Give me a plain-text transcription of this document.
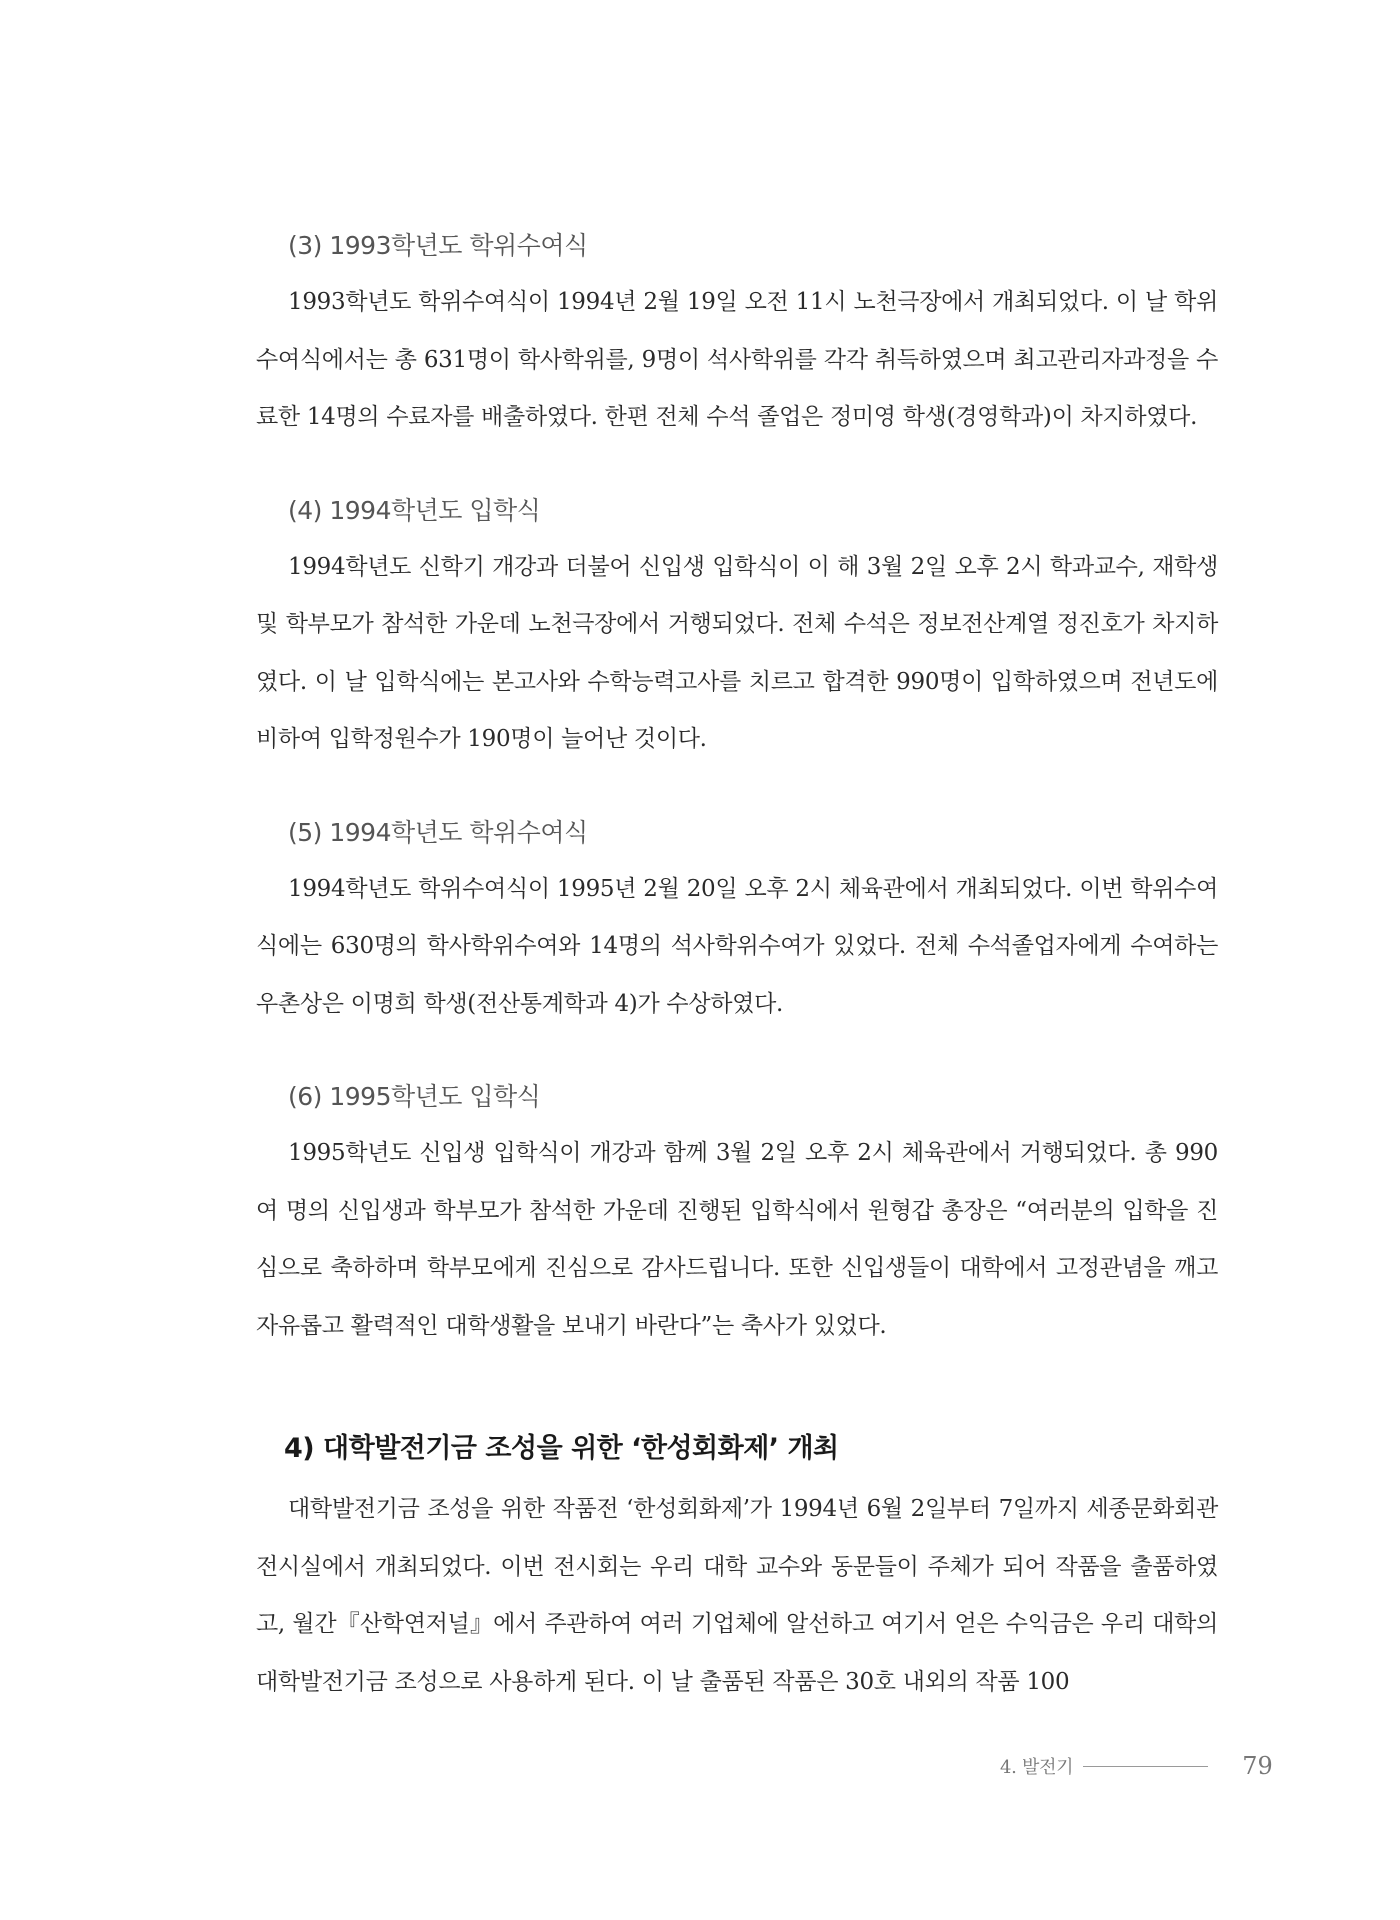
(3) 1993학년도 학위수여식

1993학년도 학위수여식이 1994년 2월 19일 오전 11시 노천극장에서 개최되었다. 이 날 학위수여식에서는 총 631명이 학사학위를, 9명이 석사학위를 각각 취득하였으며 최고관리자과정을 수료한 14명의 수료자를 배출하였다. 한편 전체 수석 졸업은 정미영 학생(경영학과)이 차지하였다.

(4) 1994학년도 입학식

1994학년도 신학기 개강과 더불어 신입생 입학식이 이 해 3월 2일 오후 2시 학과교수, 재학생 및 학부모가 참석한 가운데 노천극장에서 거행되었다. 전체 수석은 정보전산계열 정진호가 차지하였다. 이 날 입학식에는 본고사와 수학능력고사를 치르고 합격한 990명이 입학하였으며 전년도에 비하여 입학정원수가 190명이 늘어난 것이다.

(5) 1994학년도 학위수여식

1994학년도 학위수여식이 1995년 2월 20일 오후 2시 체육관에서 개최되었다. 이번 학위수여식에는 630명의 학사학위수여와 14명의 석사학위수여가 있었다. 전체 수석졸업자에게 수여하는 우촌상은 이명희 학생(전산통계학과 4)가 수상하였다.

(6) 1995학년도 입학식

1995학년도 신입생 입학식이 개강과 함께 3월 2일 오후 2시 체육관에서 거행되었다. 총 990여 명의 신입생과 학부모가 참석한 가운데 진행된 입학식에서 원형갑 총장은 “여러분의 입학을 진심으로 축하하며 학부모에게 진심으로 감사드립니다. 또한 신입생들이 대학에서 고정관념을 깨고 자유롭고 활력적인 대학생활을 보내기 바란다”는 축사가 있었다.

4) 대학발전기금 조성을 위한 ‘한성회화제’ 개최

대학발전기금 조성을 위한 작품전 ‘한성회화제’가 1994년 6월 2일부터 7일까지 세종문화회관 전시실에서 개최되었다. 이번 전시회는 우리 대학 교수와 동문들이 주체가 되어 작품을 출품하였고, 월간『산학연저널』에서 주관하여 여러 기업체에 알선하고 여기서 얻은 수익금은 우리 대학의 대학발전기금 조성으로 사용하게 된다. 이 날 출품된 작품은 30호 내외의 작품 100

4. 발전기	79
